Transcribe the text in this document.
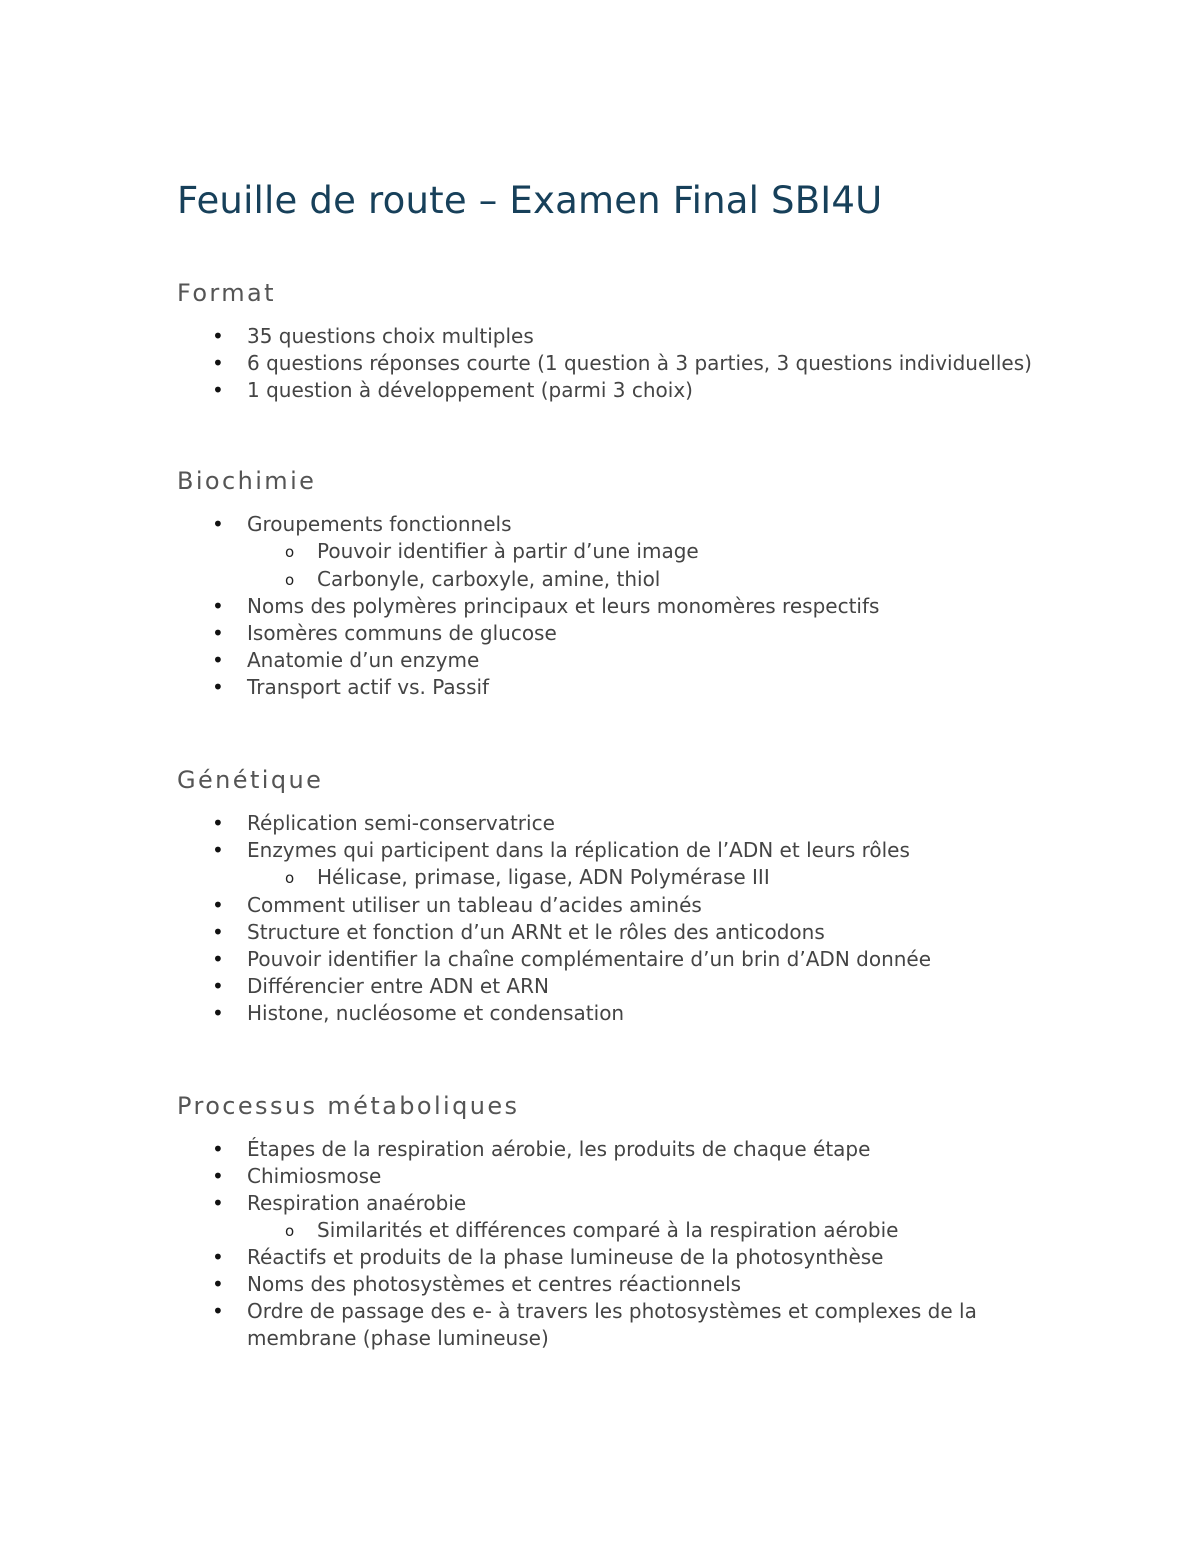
Feuille de route – Examen Final SBI4U
Format
• 35 questions choix multiples
• 6 questions réponses courte (1 question à 3 parties, 3 questions individuelles)
• 1 question à développement (parmi 3 choix)
Biochimie
• Groupements fonctionnels
o Pouvoir identifier à partir d’une image
o Carbonyle, carboxyle, amine, thiol
• Noms des polymères principaux et leurs monomères respectifs
• Isomères communs de glucose
• Anatomie d’un enzyme
• Transport actif vs. Passif
Génétique
• Réplication semi-conservatrice
• Enzymes qui participent dans la réplication de l’ADN et leurs rôles
o Hélicase, primase, ligase, ADN Polymérase III
• Comment utiliser un tableau d’acides aminés
• Structure et fonction d’un ARNt et le rôles des anticodons
• Pouvoir identifier la chaîne complémentaire d’un brin d’ADN donnée
• Différencier entre ADN et ARN
• Histone, nucléosome et condensation
Processus métaboliques
• Étapes de la respiration aérobie, les produits de chaque étape
• Chimiosmose
• Respiration anaérobie
o Similarités et différences comparé à la respiration aérobie
• Réactifs et produits de la phase lumineuse de la photosynthèse
• Noms des photosystèmes et centres réactionnels
• Ordre de passage des e- à travers les photosystèmes et complexes de la membrane (phase lumineuse)
